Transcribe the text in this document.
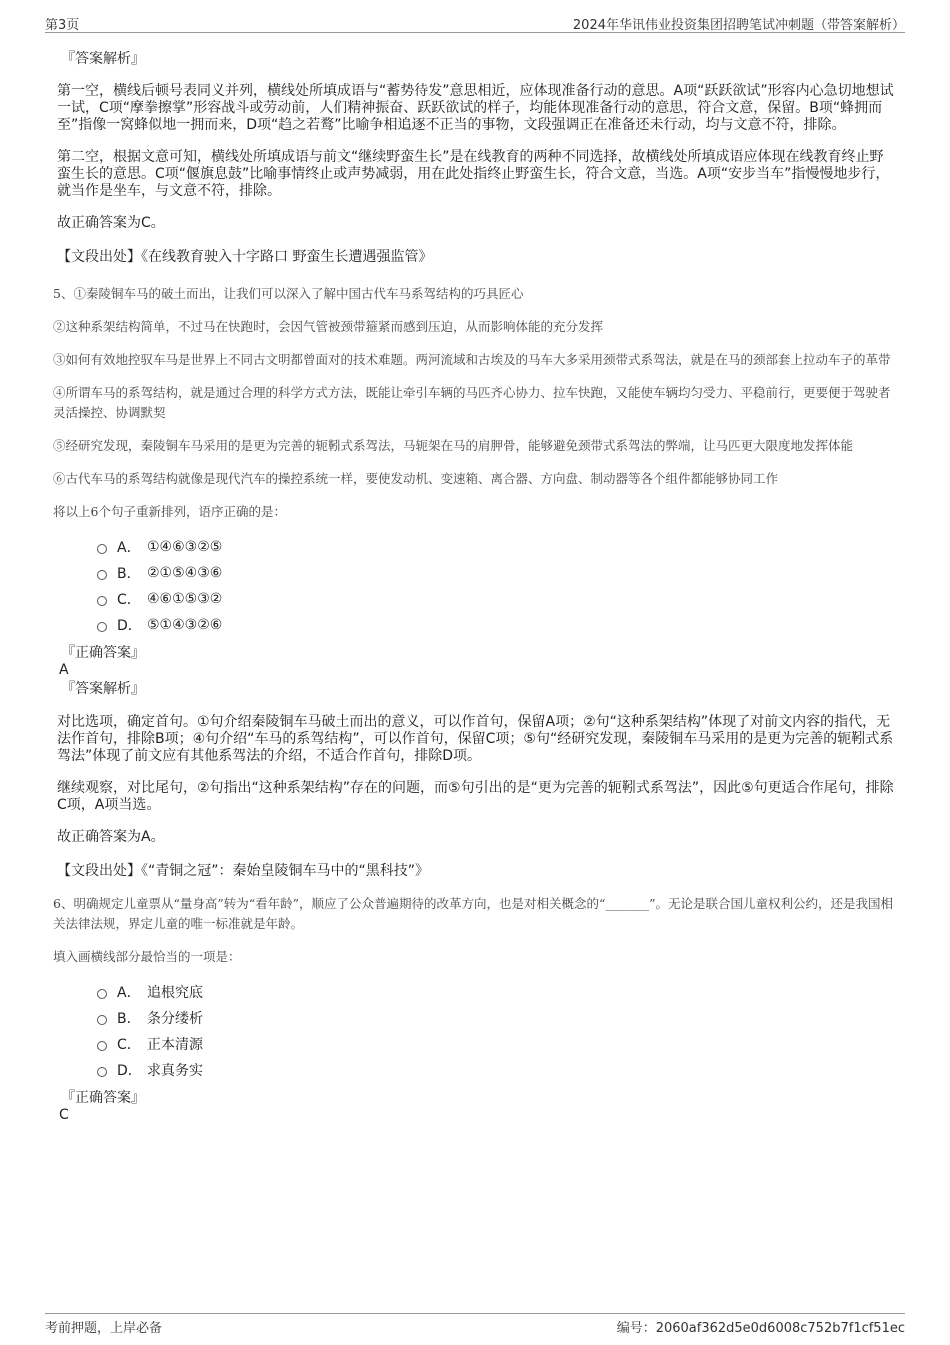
第3页	2024年华讯伟业投资集团招聘笔试冲刺题（带答案解析）
『答案解析』

第一空，横线后顿号表同义并列，横线处所填成语与“蓄势待发”意思相近，应体现准备行动的意思。A项“跃跃欲试”形容内心急切地想试一试，C项“摩拳擦掌”形容战斗或劳动前，人们精神振奋、跃跃欲试的样子，均能体现准备行动的意思，符合文意，保留。B项“蜂拥而至”指像一窝蜂似地一拥而来，D项“趋之若鹜”比喻争相追逐不正当的事物，文段强调正在准备还未行动，均与文意不符，排除。

第二空，根据文意可知，横线处所填成语与前文“继续野蛮生长”是在线教育的两种不同选择，故横线处所填成语应体现在线教育终止野蛮生长的意思。C项“偃旗息鼓”比喻事情终止或声势减弱，用在此处指终止野蛮生长，符合文意，当选。A项“安步当车”指慢慢地步行，就当作是坐车，与文意不符，排除。

故正确答案为C。

【文段出处】《在线教育驶入十字路口 野蛮生长遭遇强监管》

5、①秦陵铜车马的破土而出，让我们可以深入了解中国古代车马系驾结构的巧具匠心

②这种系架结构简单，不过马在快跑时，会因气管被颈带箍紧而感到压迫，从而影响体能的充分发挥

③如何有效地控驭车马是世界上不同古文明都曾面对的技术难题。两河流域和古埃及的马车大多采用颈带式系驾法，就是在马的颈部套上拉动车子的革带

④所谓车马的系驾结构，就是通过合理的科学方式方法，既能让牵引车辆的马匹齐心协力、拉车快跑，又能使车辆均匀受力、平稳前行，更要便于驾驶者灵活操控、协调默契

⑤经研究发现，秦陵铜车马采用的是更为完善的轭靷式系驾法，马轭架在马的肩胛骨，能够避免颈带式系驾法的弊端，让马匹更大限度地发挥体能

⑥古代车马的系驾结构就像是现代汽车的操控系统一样，要使发动机、变速箱、离合器、方向盘、制动器等各个组件都能够协同工作

将以上6个句子重新排列，语序正确的是：

A． ①④⑥③②⑤
B． ②①⑤④③⑥
C． ④⑥①⑤③②
D． ⑤①④③②⑥
『正确答案』
A
『答案解析』

对比选项，确定首句。①句介绍秦陵铜车马破土而出的意义，可以作首句，保留A项；②句“这种系架结构”体现了对前文内容的指代，无法作首句，排除B项；④句介绍“车马的系驾结构”，可以作首句，保留C项；⑤句“经研究发现，秦陵铜车马采用的是更为完善的轭靷式系驾法”体现了前文应有其他系驾法的介绍，不适合作首句，排除D项。

继续观察，对比尾句，②句指出“这种系架结构”存在的问题，而⑤句引出的是“更为完善的轭靷式系驾法”，因此⑤句更适合作尾句，排除C项，A项当选。

故正确答案为A。

【文段出处】《“青铜之冠”：秦始皇陵铜车马中的“黑科技”》

6、明确规定儿童票从“量身高”转为“看年龄”，顺应了公众普遍期待的改革方向，也是对相关概念的“_______”。无论是联合国儿童权利公约，还是我国相关法律法规，界定儿童的唯一标准就是年龄。

填入画横线部分最恰当的一项是：

A． 追根究底
B． 条分缕析
C． 正本清源
D． 求真务实
『正确答案』
C
考前押题，上岸必备	编号：2060af362d5e0d6008c752b7f1cf51ec
